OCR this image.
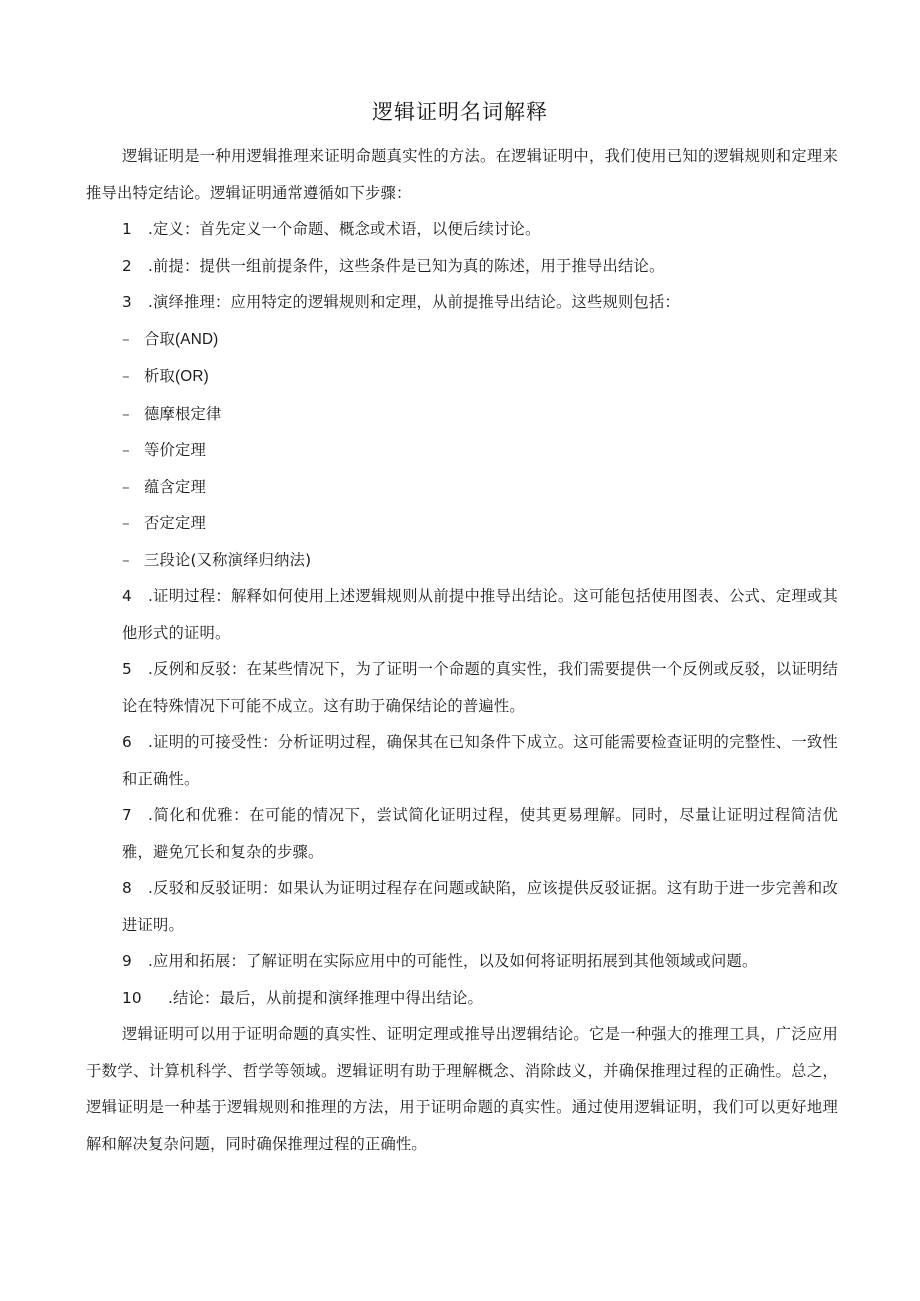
逻辑证明名词解释

逻辑证明是一种用逻辑推理来证明命题真实性的方法。在逻辑证明中，我们使用已知的逻辑规则和定理来推导出特定结论。逻辑证明通常遵循如下步骤：

1 .定义：首先定义一个命题、概念或术语，以便后续讨论。

2 .前提：提供一组前提条件，这些条件是已知为真的陈述，用于推导出结论。

3 .演绎推理：应用特定的逻辑规则和定理，从前提推导出结论。这些规则包括：

– 合取(AND)

– 析取(OR)

– 德摩根定律

– 等价定理

– 蕴含定理

– 否定定理

– 三段论(又称演绎归纳法)

4 .证明过程：解释如何使用上述逻辑规则从前提中推导出结论。这可能包括使用图表、公式、定理或其他形式的证明。

5 .反例和反驳：在某些情况下，为了证明一个命题的真实性，我们需要提供一个反例或反驳，以证明结论在特殊情况下可能不成立。这有助于确保结论的普遍性。

6 .证明的可接受性：分析证明过程，确保其在已知条件下成立。这可能需要检查证明的完整性、一致性和正确性。

7 .简化和优雅：在可能的情况下，尝试简化证明过程，使其更易理解。同时，尽量让证明过程简洁优雅，避免冗长和复杂的步骤。

8 .反驳和反驳证明：如果认为证明过程存在问题或缺陷，应该提供反驳证据。这有助于进一步完善和改进证明。

9 .应用和拓展：了解证明在实际应用中的可能性，以及如何将证明拓展到其他领域或问题。

10 .结论：最后，从前提和演绎推理中得出结论。

逻辑证明可以用于证明命题的真实性、证明定理或推导出逻辑结论。它是一种强大的推理工具，广泛应用于数学、计算机科学、哲学等领域。逻辑证明有助于理解概念、消除歧义，并确保推理过程的正确性。总之，逻辑证明是一种基于逻辑规则和推理的方法，用于证明命题的真实性。通过使用逻辑证明，我们可以更好地理解和解决复杂问题，同时确保推理过程的正确性。
